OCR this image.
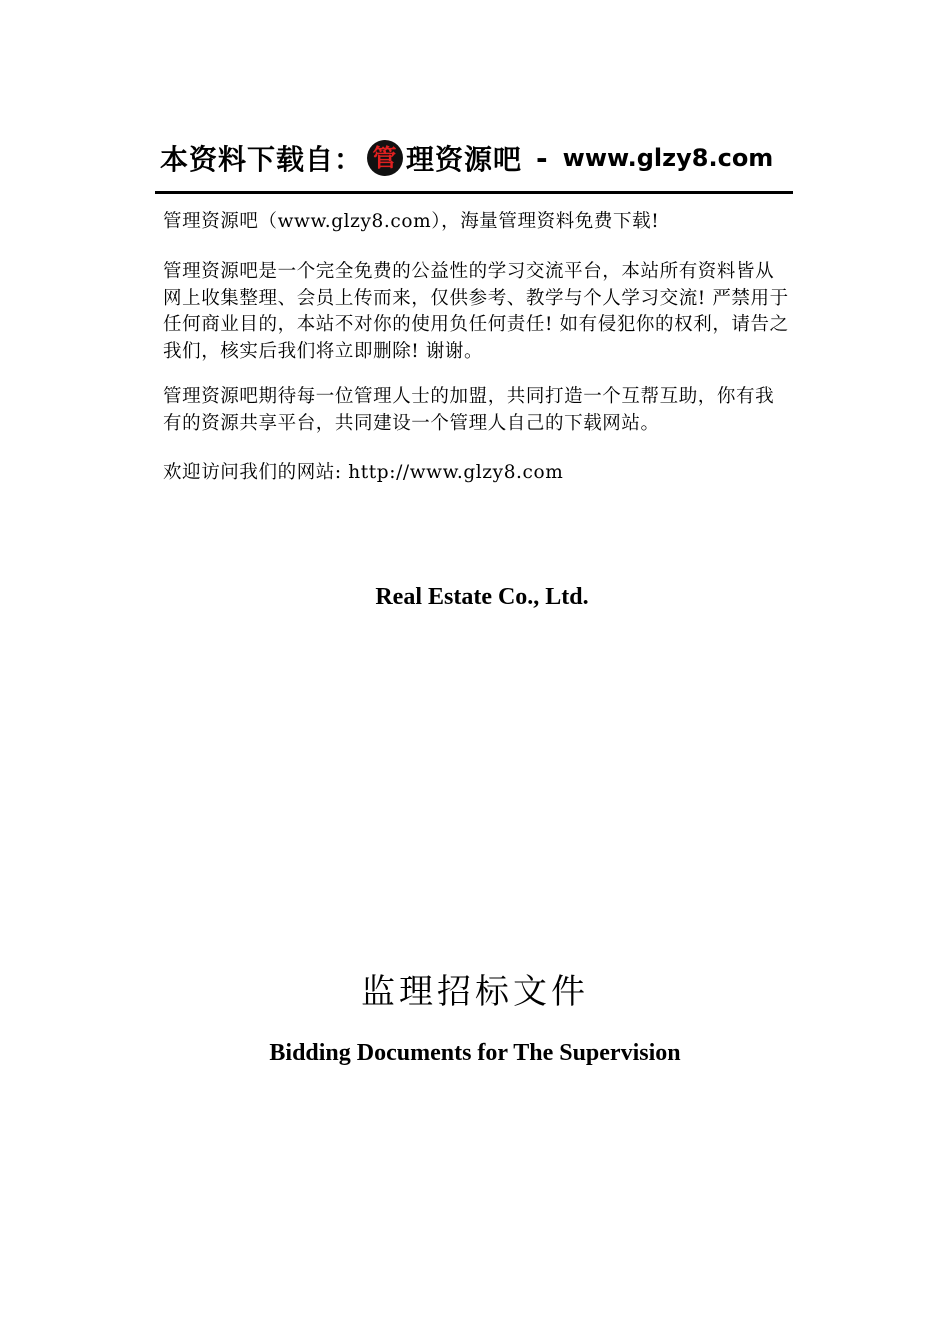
本资料下载自： 管 理资源吧 - www.glzy8.com
管理资源吧（www.glzy8.com），海量管理资料免费下载!
管理资源吧是一个完全免费的公益性的学习交流平台，本站所有资料皆从网上收集整理、会员上传而来，仅供参考、教学与个人学习交流! 严禁用于任何商业目的，本站不对你的使用负任何责任! 如有侵犯你的权利，请告之我们，核实后我们将立即删除! 谢谢。
管理资源吧期待每一位管理人士的加盟，共同打造一个互帮互助，你有我有的资源共享平台，共同建设一个管理人自己的下载网站。
欢迎访问我们的网站: http://www.glzy8.com
Real Estate Co., Ltd.
监理招标文件
Bidding Documents for The Supervision
